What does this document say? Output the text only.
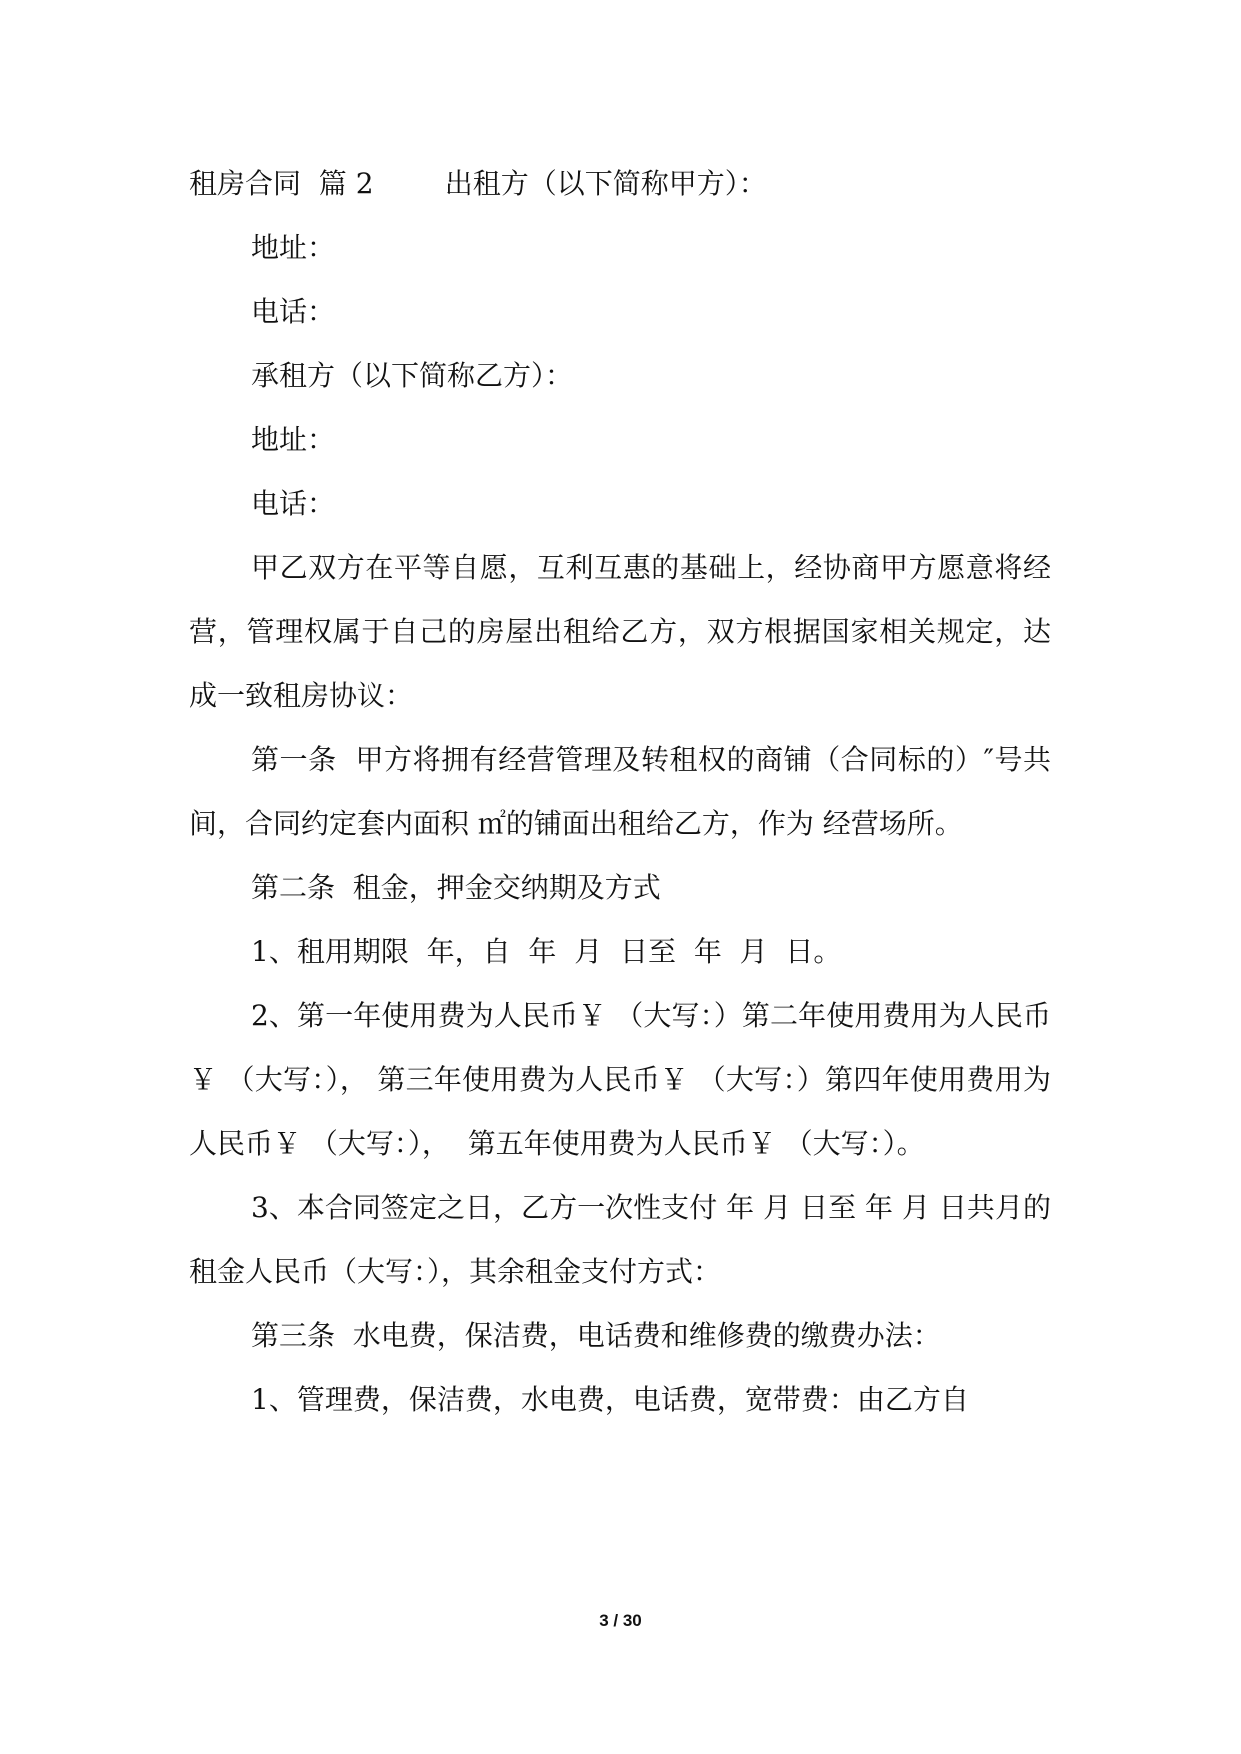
租房合同  篇 2        出租方（以下简称甲方）：

地址：

电话：

承租方（以下简称乙方）：

地址：

电话：

甲乙双方在平等自愿，互利互惠的基础上，经协商甲方愿意将经营，管理权属于自己的房屋出租给乙方，双方根据国家相关规定，达成一致租房协议：

第一条  甲方将拥有经营管理及转租权的商铺（合同标的）″号共 间，合同约定套内面积 ㎡的铺面出租给乙方，作为 经营场所。

第二条  租金，押金交纳期及方式

1、租用期限  年，自  年  月  日至  年  月  日。

2、第一年使用费为人民币￥ （大写：）第二年使用费用为人民币￥ （大写：）， 第三年使用费为人民币￥ （大写：）第四年使用费用为人民币￥ （大写：），  第五年使用费为人民币￥ （大写：）。

3、本合同签定之日，乙方一次性支付 年 月 日至 年 月 日共月的租金人民币（大写：），其余租金支付方式：

第三条  水电费，保洁费，电话费和维修费的缴费办法：

1、管理费，保洁费，水电费，电话费，宽带费：由乙方自

3 / 30
